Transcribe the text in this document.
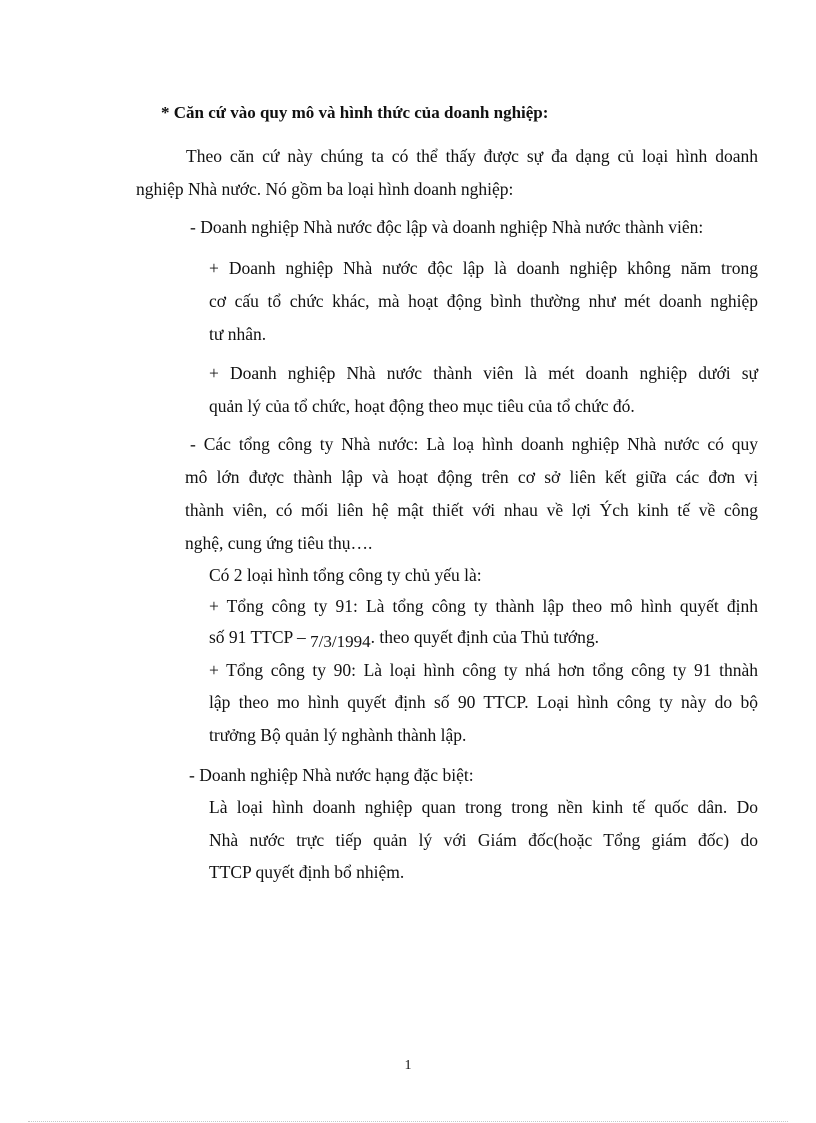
* Căn cứ vào quy mô và hình thức của doanh nghiệp:
Theo căn cứ này chúng ta có thể thấy được sự đa dạng củ loại hình doanh
nghiệp Nhà nước. Nó gồm ba loại hình doanh nghiệp:
- Doanh nghiệp Nhà nước độc lập và doanh nghiệp Nhà nước thành viên:
+ Doanh nghiệp Nhà nước độc lập là doanh nghiệp không năm trong
cơ cấu tổ chức khác, mà hoạt động bình thường như mét doanh nghiệp
tư nhân.
+ Doanh nghiệp Nhà nước thành viên là mét doanh nghiệp dưới sự
quản lý của tổ chức, hoạt động theo mục tiêu của tổ chức đó.
- Các tổng công ty Nhà nước: Là loạ hình doanh nghiệp Nhà nước có quy
mô lớn được thành lập và hoạt động trên cơ sở liên kết giữa các đơn vị
thành viên, có mối liên hệ mật thiết với nhau về lợi Ých kinh tế về công
nghệ, cung ứng tiêu thụ….
Có 2 loại hình tổng công ty chủ yếu là:
+ Tổng công ty 91: Là tổng công ty thành lập theo mô hình quyết định
số 91 TTCP – 7/3/1994. theo quyết định của Thủ tướng.
+ Tổng công ty 90: Là loại hình công ty nhá hơn tổng công ty 91 thnàh
lập theo mo hình quyết định số 90 TTCP. Loại hình công ty này do bộ
trưởng Bộ quản lý nghành thành lập.
- Doanh nghiệp Nhà nước hạng đặc biệt:
Là loại hình doanh nghiệp quan trong trong nền kinh tế quốc dân. Do
Nhà nước trực tiếp quản lý với Giám đốc(hoặc Tổng giám đốc) do
TTCP quyết định bổ nhiệm.
1
